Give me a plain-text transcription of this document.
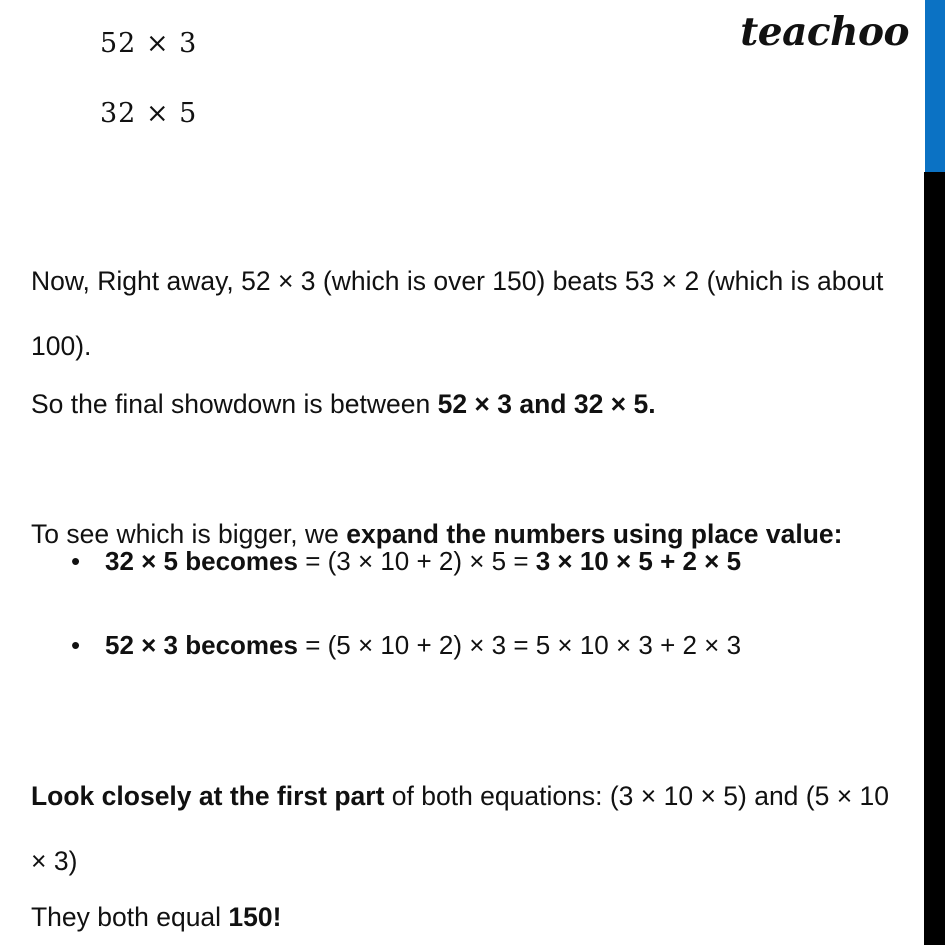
teachoo
52 × 3
32 × 5

Now, Right away, 52 × 3 (which is over 150) beats 53 × 2 (which is about 100).

So the final showdown is between 52 × 3 and 32 × 5.

To see which is bigger, we expand the numbers using place value:

• 32 × 5 becomes = (3 × 10 + 2) × 5 = 3 × 10 × 5 + 2 × 5
• 52 × 3 becomes = (5 × 10 + 2) × 3 = 5 × 10 × 3 + 2 × 3

Look closely at the first part of both equations: (3 × 10 × 5) and (5 × 10 × 3)

They both equal 150!
